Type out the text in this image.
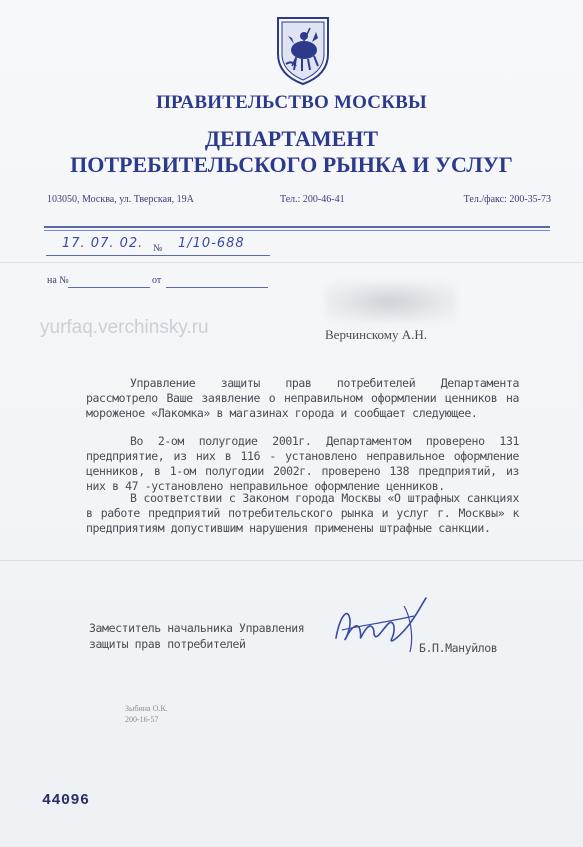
ПРАВИТЕЛЬСТВО МОСКВЫ
ДЕПАРТАМЕНТ
ПОТРЕБИТЕЛЬСКОГО РЫНКА И УСЛУГ
103050, Москва, ул. Тверская, 19А	Тел.: 200-46-41	Тел./факс: 200-35-73
17. 07. 02. № 1/10-688
на №	от
yurfaq.verchinsky.ru	Верчинскому А.Н.
Управление защиты прав потребителей Департамента рассмотрело Ваше заявление о неправильном оформлении ценников на мороженое «Лакомка» в магазинах города и сообщает следующее.
Во 2-ом полугодие 2001г. Департаментом проверено 131 предприятие, из них в 116 - установлено неправильное оформление ценников, в 1-ом полугодии 2002г. проверено 138 предприятий, из них в 47 -установлено неправильное оформление ценников.
В соответствии с Законом города Москвы «О штрафных санкциях в работе предприятий потребительского рынка и услуг г. Москвы» к предприятиям допустившим нарушения применены штрафные санкции.
Заместитель начальника Управления
защиты прав потребителей	Б.П.Мануйлов
Зыбина О.К.
200-16-57
44096
